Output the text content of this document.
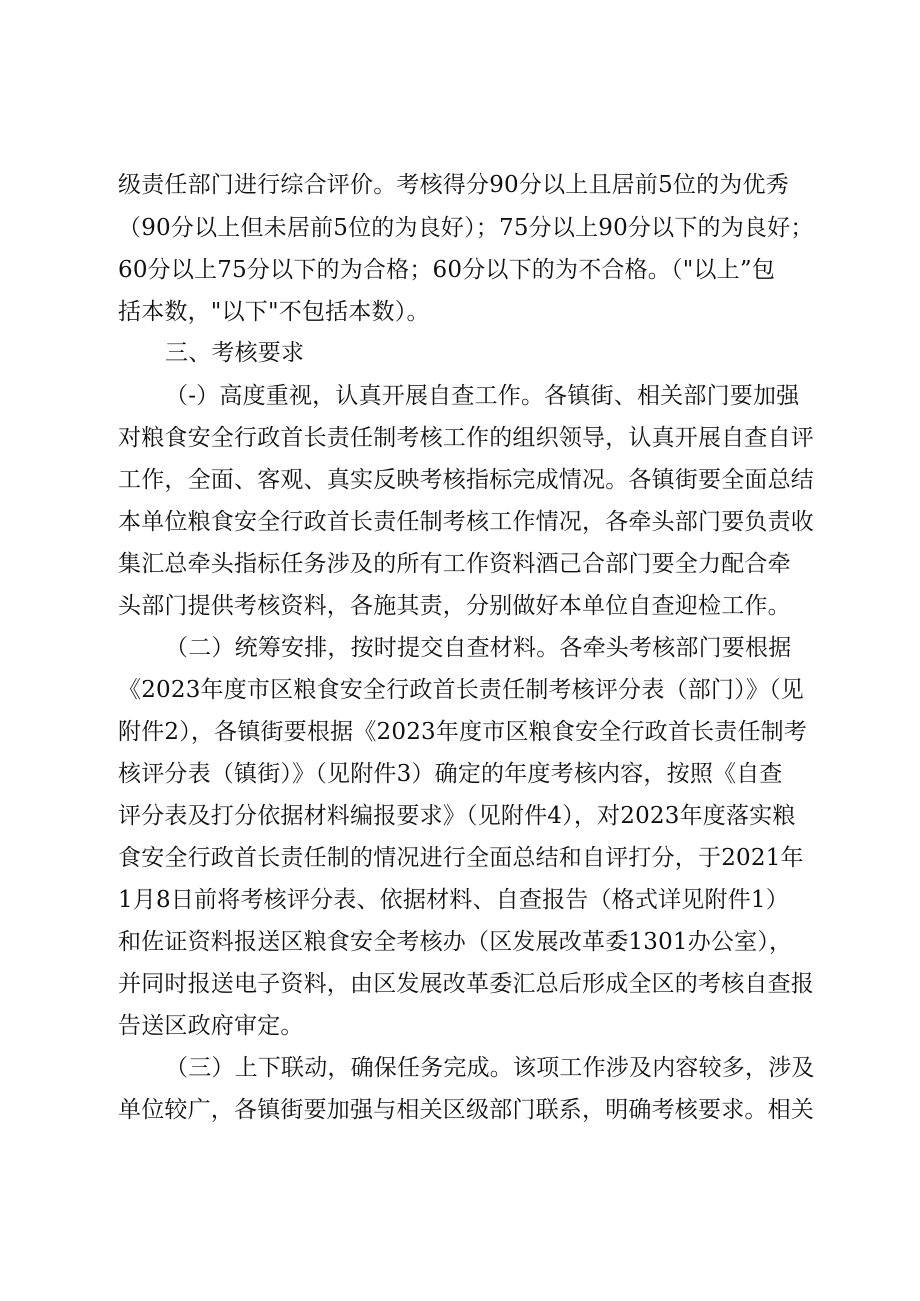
级责任部门进行综合评价。考核得分90分以上且居前5位的为优秀
（90分以上但未居前5位的为良好）；75分以上90分以下的为良好；
60分以上75分以下的为合格；60分以下的为不合格。（"以上”包
括本数，"以下"不包括本数）。
三、考核要求
（-）高度重视，认真开展自查工作。各镇街、相关部门要加强
对粮食安全行政首长责任制考核工作的组织领导，认真开展自查自评
工作，全面、客观、真实反映考核指标完成情况。各镇街要全面总结
本单位粮食安全行政首长责任制考核工作情况，各牵头部门要负责收
集汇总牵头指标任务涉及的所有工作资料酒己合部门要全力配合牵
头部门提供考核资料，各施其责，分别做好本单位自查迎检工作。
（二）统筹安排，按时提交自查材料。各牵头考核部门要根据
《2023年度市区粮食安全行政首长责任制考核评分表（部门）》（见
附件2），各镇街要根据《2023年度市区粮食安全行政首长责任制考
核评分表（镇街）》（见附件3）确定的年度考核内容，按照《自查
评分表及打分依据材料编报要求》（见附件4），对2023年度落实粮
食安全行政首长责任制的情况进行全面总结和自评打分，于2021年
1月8日前将考核评分表、依据材料、自查报告（格式详见附件1）
和佐证资料报送区粮食安全考核办（区发展改革委1301办公室），
并同时报送电子资料，由区发展改革委汇总后形成全区的考核自查报
告送区政府审定。
（三）上下联动，确保任务完成。该项工作涉及内容较多，涉及
单位较广，各镇街要加强与相关区级部门联系，明确考核要求。相关
